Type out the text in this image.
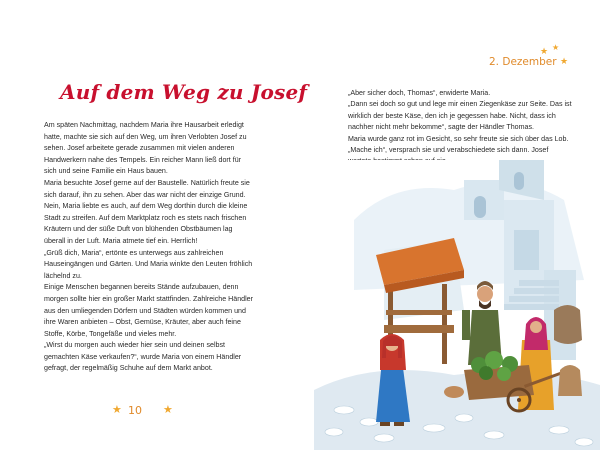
Auf dem Weg zu Josef

Am späten Nachmittag, nachdem Maria ihre Hausarbeit erledigt hatte, machte sie sich auf den Weg, um ihren Verlobten Josef zu sehen. Josef arbeitete gerade zusammen mit vielen anderen Handwerkern nahe des Tempels. Ein reicher Mann ließ dort für sich und seine Familie ein Haus bauen.

Maria besuchte Josef gerne auf der Baustelle. Natürlich freute sie sich darauf, ihn zu sehen. Aber das war nicht der einzige Grund. Nein, Maria liebte es auch, auf dem Weg dorthin durch die kleine Stadt zu streifen. Auf dem Marktplatz roch es stets nach frischen Kräutern und der süße Duft von blühenden Obstbäumen lag überall in der Luft. Maria atmete tief ein. Herrlich!

„Grüß dich, Maria“, ertönte es unterwegs aus zahlreichen Hauseingängen und Gärten. Und Maria winkte den Leuten fröhlich lächelnd zu.

Einige Menschen begannen bereits Stände aufzubauen, denn morgen sollte hier ein großer Markt stattfinden. Zahlreiche Händler aus den umliegenden Dörfern und Städten würden kommen und ihre Waren anbieten – Obst, Gemüse, Kräuter, aber auch feine Stoffe, Körbe, Tongefäße und vieles mehr.

„Wirst du morgen auch wieder hier sein und deinen selbst gemachten Käse verkaufen?“, wurde Maria von einem Händler gefragt, der regelmäßig Schuhe auf dem Markt anbot.

★ 10 ★
★ ★
2. Dezember ★

„Aber sicher doch, Thomas“, erwiderte Maria.

„Dann sei doch so gut und lege mir einen Ziegenkäse zur Seite. Das ist wirklich der beste Käse, den ich je gegessen habe. Nicht, dass ich nachher nicht mehr bekomme“, sagte der Händler Thomas.

Maria wurde ganz rot im Gesicht, so sehr freute sie sich über das Lob. „Mache ich“, versprach sie und verabschiedete sich dann. Josef
